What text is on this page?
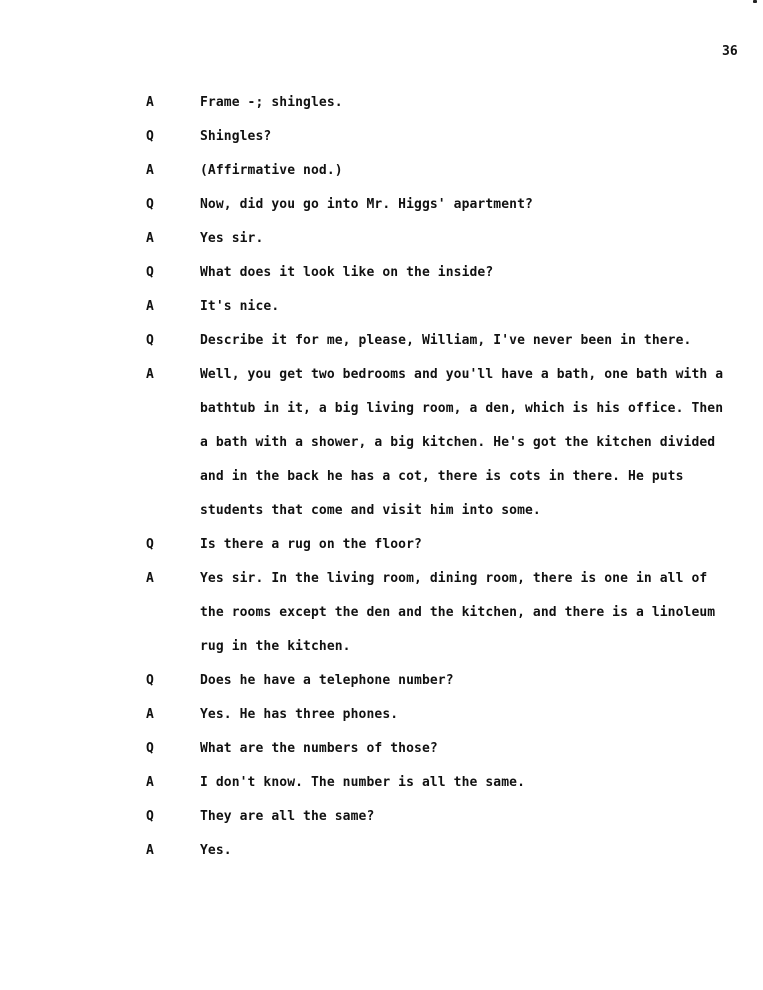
36
A	Frame -; shingles.
Q	Shingles?
A	(Affirmative nod.)
Q	Now, did you go into Mr. Higgs' apartment?
A	Yes sir.
Q	What does it look like on the inside?
A	It's nice.
Q	Describe it for me, please, William, I've never been in there.
A	Well, you get two bedrooms and you'll have a bath, one bath with a bathtub in it, a big living room, a den, which is his office. Then a bath with a shower, a big kitchen. He's got the kitchen divided and in the back he has a cot, there is cots in there. He puts students that come and visit him into some.
Q	Is there a rug on the floor?
A	Yes sir. In the living room, dining room, there is one in all of the rooms except the den and the kitchen, and there is a linoleum rug in the kitchen.
Q	Does he have a telephone number?
A	Yes. He has three phones.
Q	What are the numbers of those?
A	I don't know. The number is all the same.
Q	They are all the same?
A	Yes.
